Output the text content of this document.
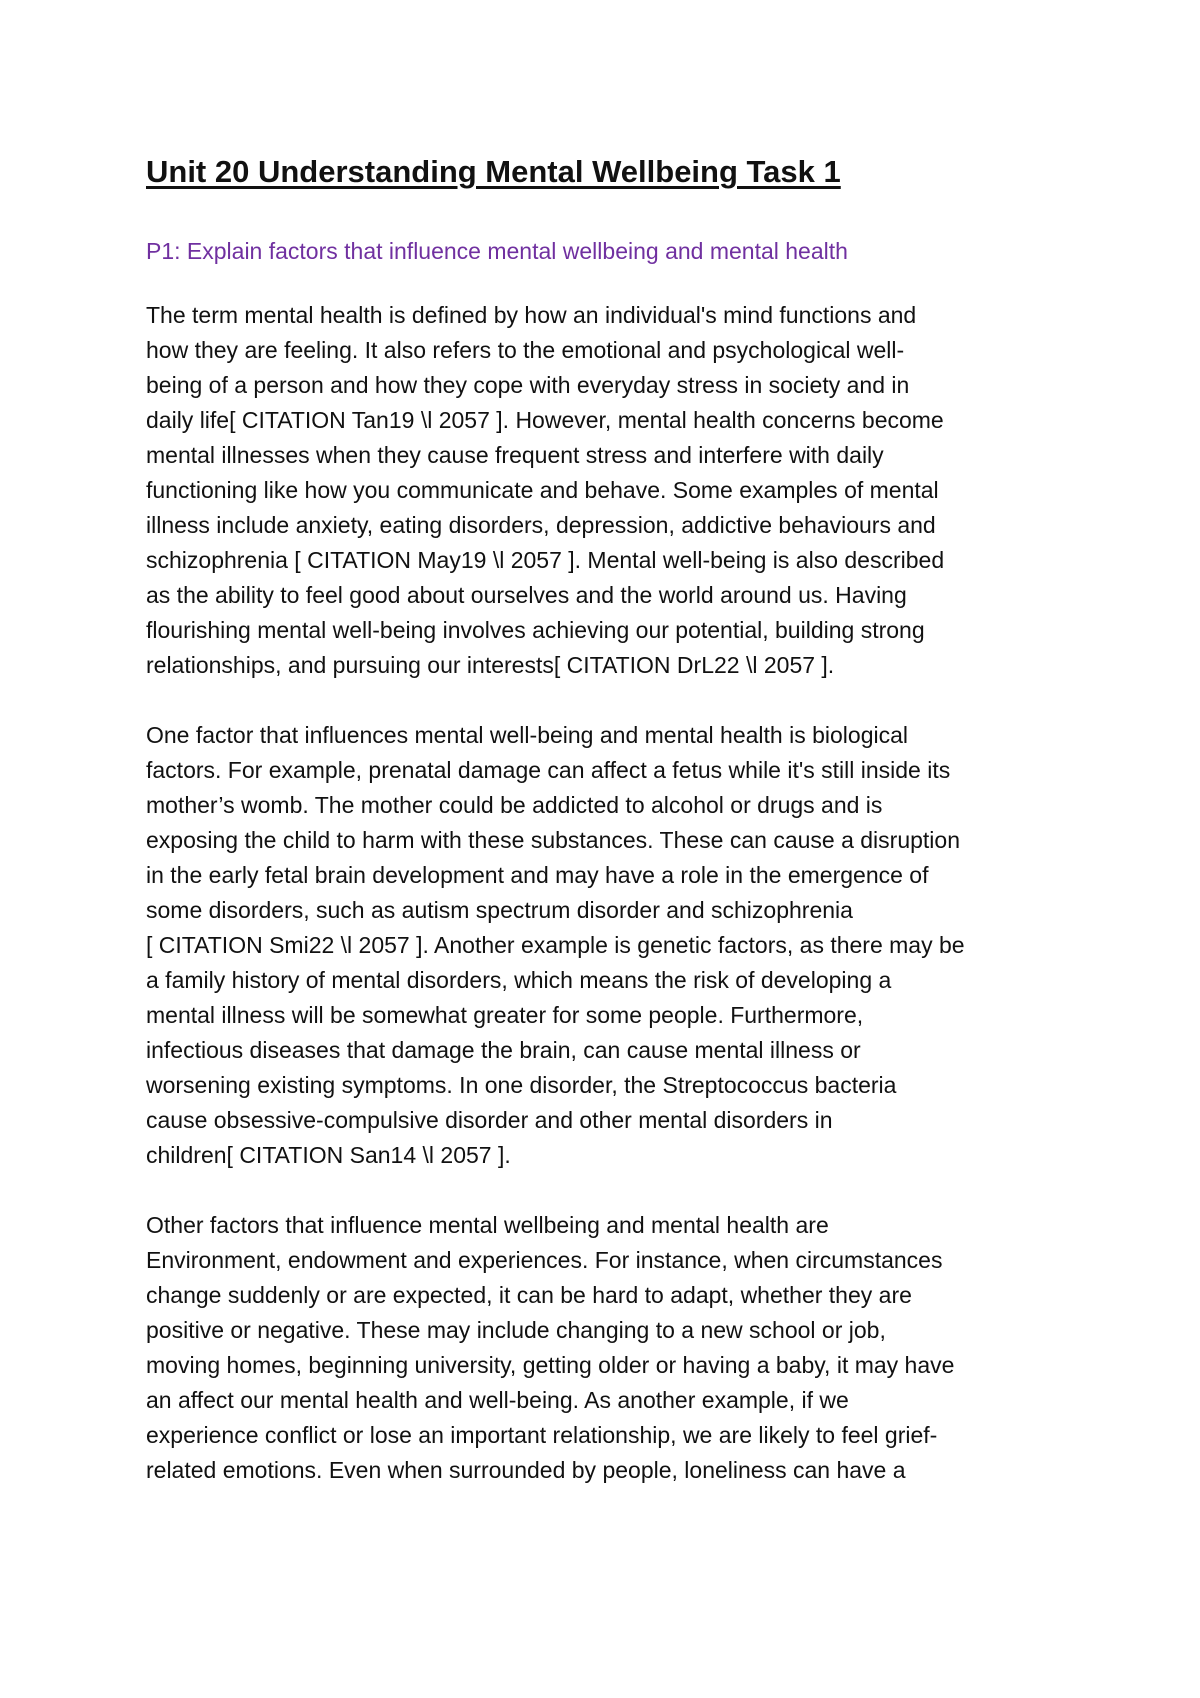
Unit 20 Understanding Mental Wellbeing Task 1
P1: Explain factors that influence mental wellbeing and mental health
The term mental health is defined by how an individual's mind functions and
how they are feeling. It also refers to the emotional and psychological well-
being of a person and how they cope with everyday stress in society and in
daily life[ CITATION Tan19 \l 2057 ]. However, mental health concerns become
mental illnesses when they cause frequent stress and interfere with daily
functioning like how you communicate and behave. Some examples of mental
illness include anxiety, eating disorders, depression, addictive behaviours and
schizophrenia [ CITATION May19 \l 2057 ]. Mental well-being is also described
as the ability to feel good about ourselves and the world around us. Having
flourishing mental well-being involves achieving our potential, building strong
relationships, and pursuing our interests[ CITATION DrL22 \l 2057 ].
One factor that influences mental well-being and mental health is biological
factors. For example, prenatal damage can affect a fetus while it's still inside its
mother’s womb. The mother could be addicted to alcohol or drugs and is
exposing the child to harm with these substances. These can cause a disruption
in the early fetal brain development and may have a role in the emergence of
some disorders, such as autism spectrum disorder and schizophrenia
[ CITATION Smi22 \l 2057 ]. Another example is genetic factors, as there may be
a family history of mental disorders, which means the risk of developing a
mental illness will be somewhat greater for some people. Furthermore,
infectious diseases that damage the brain, can cause mental illness or
worsening existing symptoms. In one disorder, the Streptococcus bacteria
cause obsessive-compulsive disorder and other mental disorders in
children[ CITATION San14 \l 2057 ].
Other factors that influence mental wellbeing and mental health are
Environment, endowment and experiences. For instance, when circumstances
change suddenly or are expected, it can be hard to adapt, whether they are
positive or negative. These may include changing to a new school or job,
moving homes, beginning university, getting older or having a baby, it may have
an affect our mental health and well-being. As another example, if we
experience conflict or lose an important relationship, we are likely to feel grief-
related emotions. Even when surrounded by people, loneliness can have a
